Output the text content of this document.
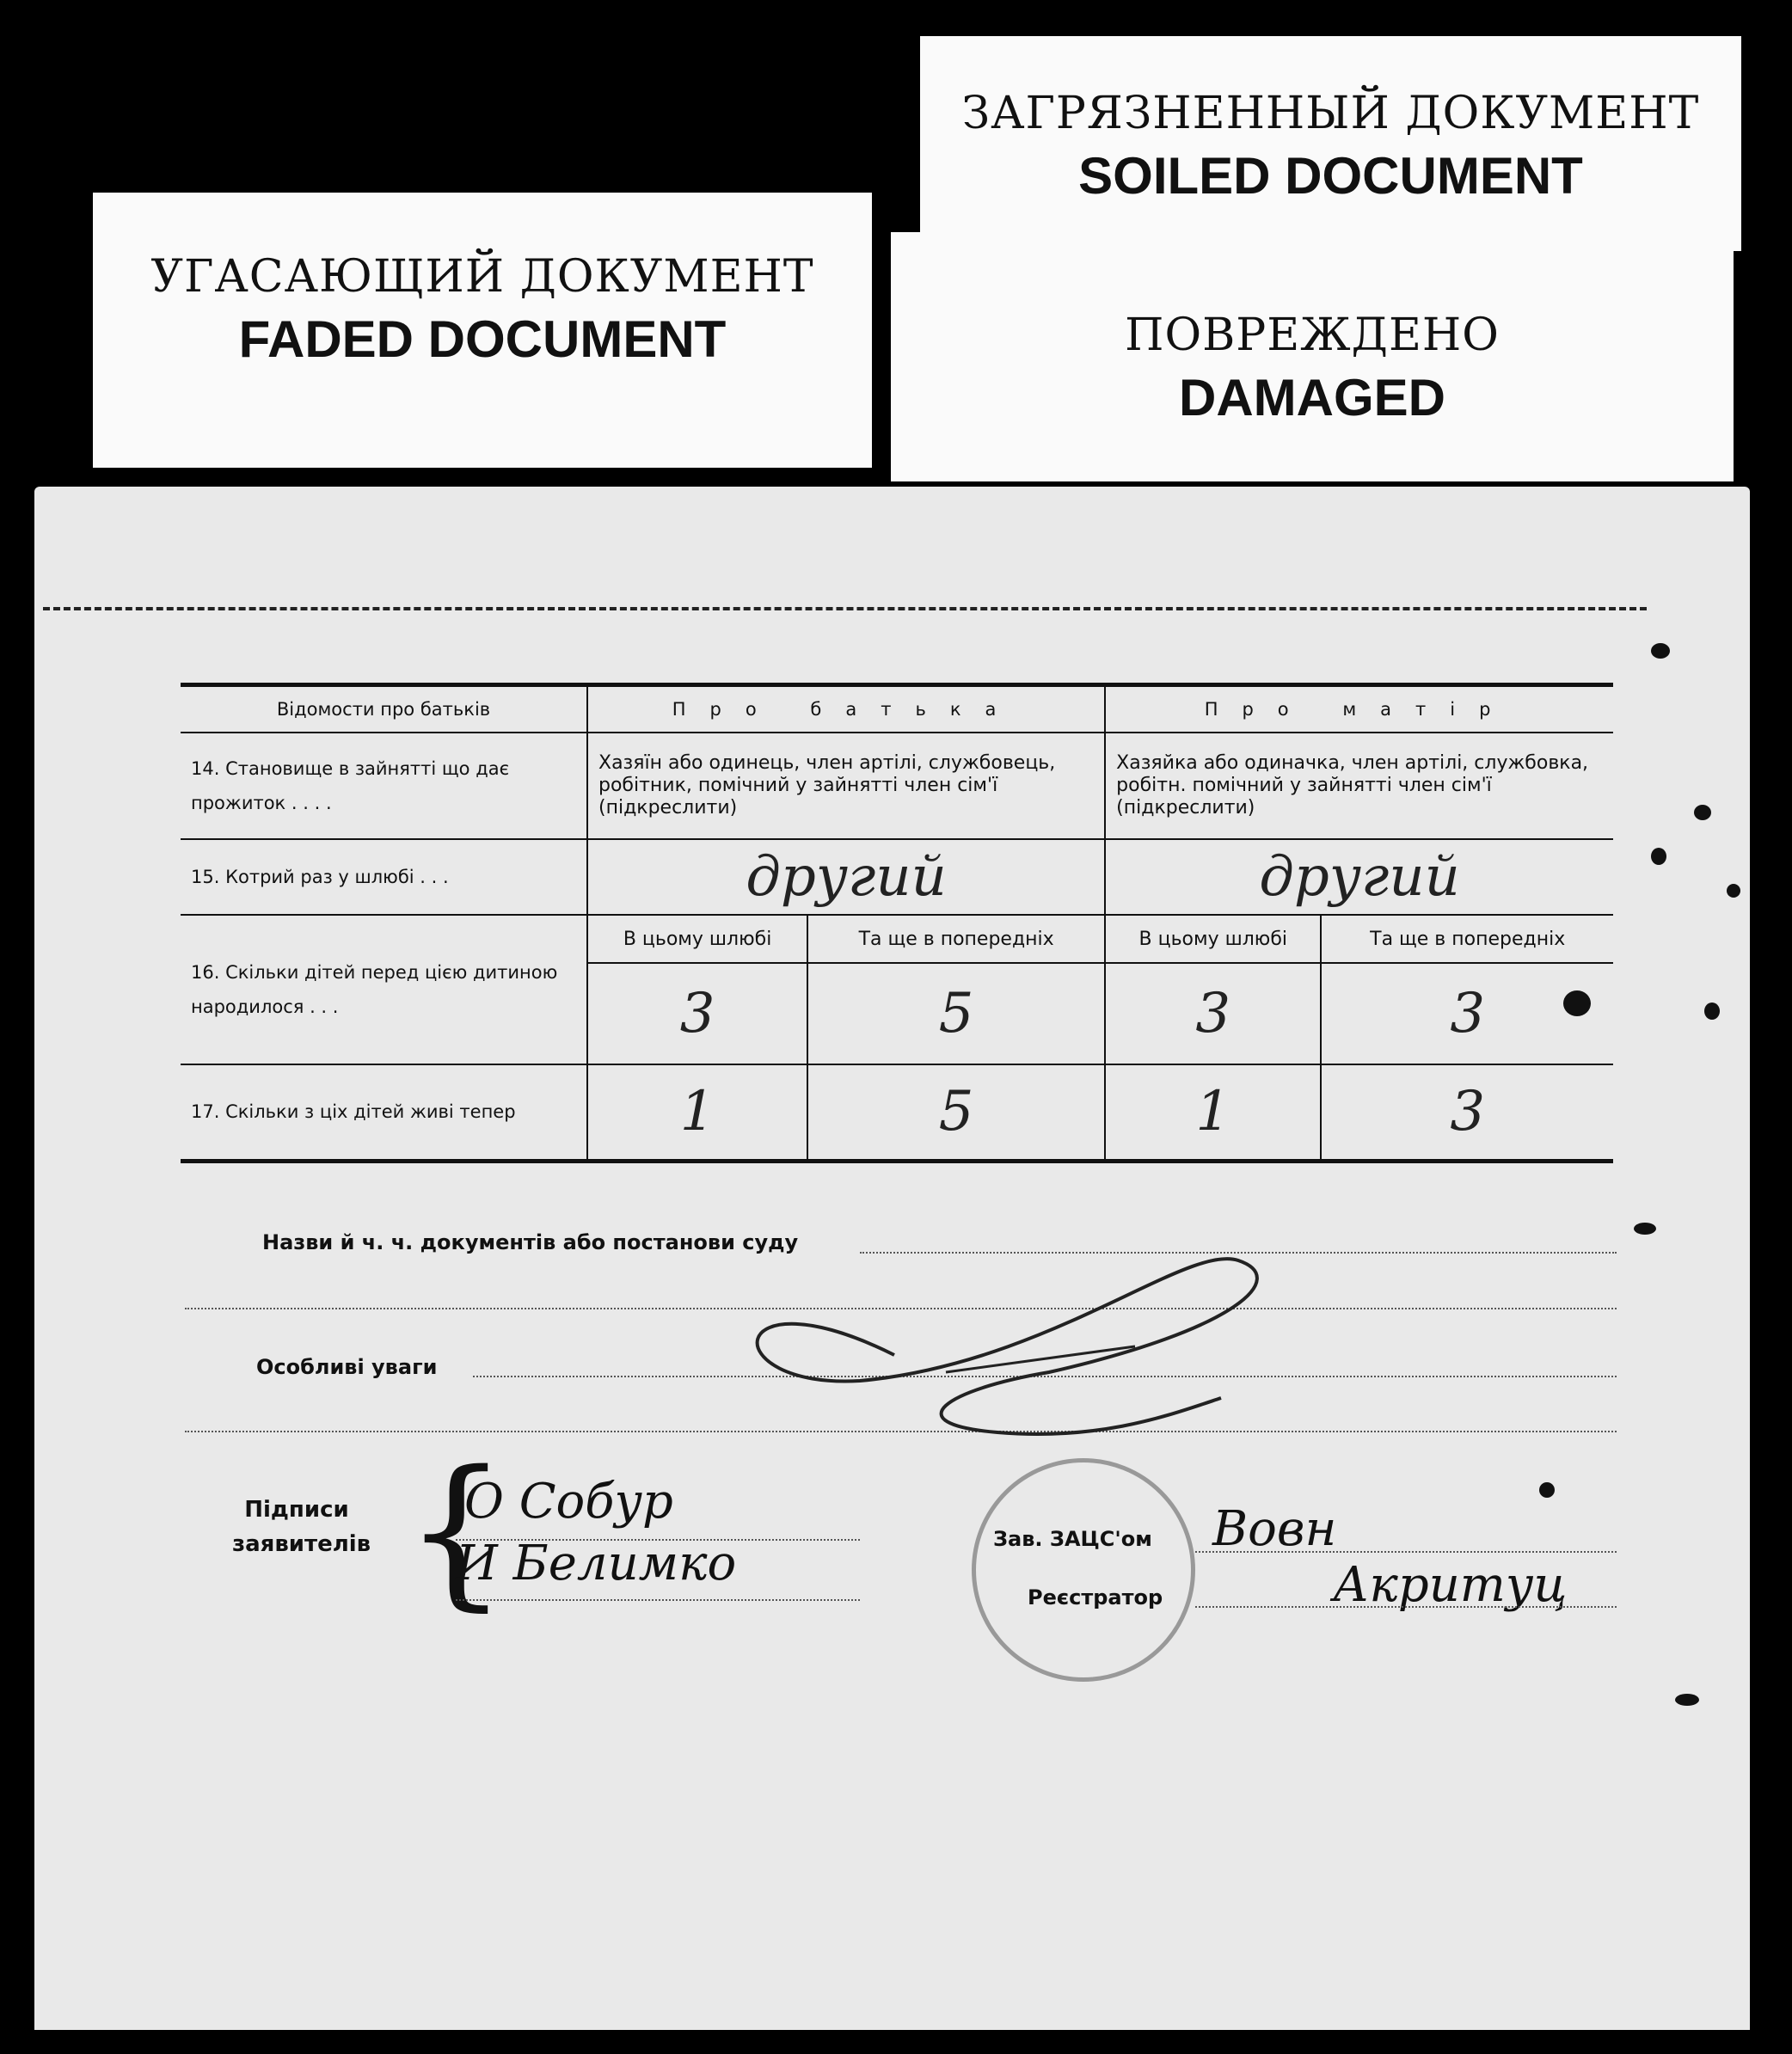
УГАСАЮЩИЙ ДОКУМЕНТ
FADED DOCUMENT
ЗАГРЯЗНЕННЫЙ ДОКУМЕНТ
SOILED DOCUMENT
ПОВРЕЖДЕНО
DAMAGED
Відомости про батьків	Про батька		Про матір	
14. Становище в зайнятті що дає прожиток . . . .	Хазяїн або одинець, член артілі, службовець, робітник, помічний у зайнятті член сім'ї (підкреслити)		Хазяйка або одиначка, член артілі, службовка, робітн. помічний у зайнятті член сім'ї (підкреслити)	
15. Котрий раз у шлюбі . . .	другий		другий	
16. Скільки дітей перед цією дитиною народилося . . .	В цьому шлюбі	Та ще в попередніх	В цьому шлюбі	Та ще в попередніх
	3	5	3	3
17. Скільки з ціх дітей живі тепер	1	5	1	3
Назви й ч. ч. документів або постанови суду
Особливі уваги
Підписи заявителів {
О Собур
И Белимко	Зав. ЗАЦС'ом Вовн
Реєстратор	Акритуц
